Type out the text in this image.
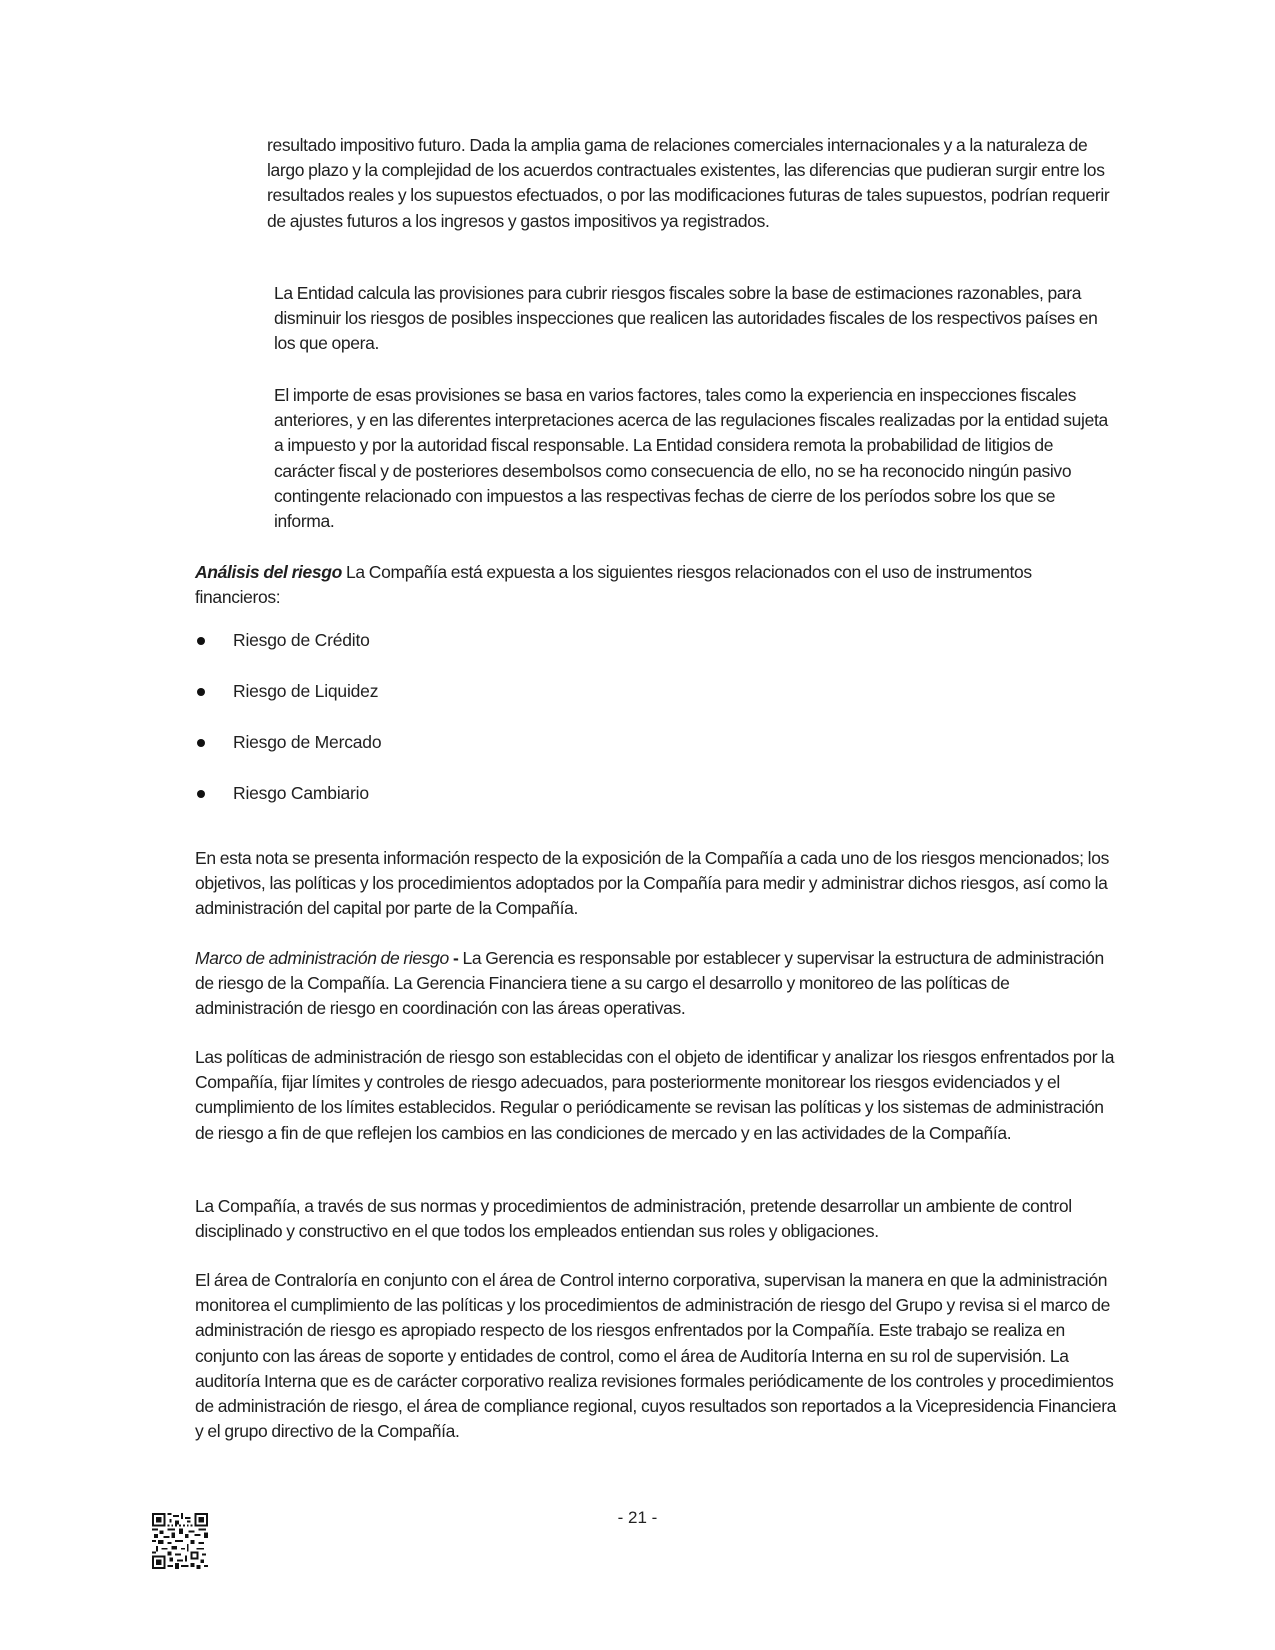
resultado impositivo futuro. Dada la amplia gama de relaciones comerciales internacionales y a la naturaleza de largo plazo y la complejidad de los acuerdos contractuales existentes, las diferencias que pudieran surgir entre los resultados reales y los supuestos efectuados, o por las modificaciones futuras de tales supuestos, podrían requerir de ajustes futuros a los ingresos y gastos impositivos ya registrados.

La Entidad calcula las provisiones para cubrir riesgos fiscales sobre la base de estimaciones razonables, para disminuir los riesgos de posibles inspecciones que realicen las autoridades fiscales de los respectivos países en los que opera.

El importe de esas provisiones se basa en varios factores, tales como la experiencia en inspecciones fiscales anteriores, y en las diferentes interpretaciones acerca de las regulaciones fiscales realizadas por la entidad sujeta a impuesto y por la autoridad fiscal responsable. La Entidad considera remota la probabilidad de litigios de carácter fiscal y de posteriores desembolsos como consecuencia de ello, no se ha reconocido ningún pasivo contingente relacionado con impuestos a las respectivas fechas de cierre de los períodos sobre los que se informa.

Análisis del riesgo La Compañía está expuesta a los siguientes riesgos relacionados con el uso de instrumentos financieros:

Riesgo de Crédito
Riesgo de Liquidez
Riesgo de Mercado
Riesgo Cambiario

En esta nota se presenta información respecto de la exposición de la Compañía a cada uno de los riesgos mencionados; los objetivos, las políticas y los procedimientos adoptados por la Compañía para medir y administrar dichos riesgos, así como la administración del capital por parte de la Compañía.

Marco de administración de riesgo - La Gerencia es responsable por establecer y supervisar la estructura de administración de riesgo de la Compañía. La Gerencia Financiera tiene a su cargo el desarrollo y monitoreo de las políticas de administración de riesgo en coordinación con las áreas operativas.

Las políticas de administración de riesgo son establecidas con el objeto de identificar y analizar los riesgos enfrentados por la Compañía, fijar límites y controles de riesgo adecuados, para posteriormente monitorear los riesgos evidenciados y el cumplimiento de los límites establecidos. Regular o periódicamente se revisan las políticas y los sistemas de administración de riesgo a fin de que reflejen los cambios en las condiciones de mercado y en las actividades de la Compañía.

La Compañía, a través de sus normas y procedimientos de administración, pretende desarrollar un ambiente de control disciplinado y constructivo en el que todos los empleados entiendan sus roles y obligaciones.

El área de Contraloría en conjunto con el área de Control interno corporativa, supervisan la manera en que la administración monitorea el cumplimiento de las políticas y los procedimientos de administración de riesgo del Grupo y revisa si el marco de administración de riesgo es apropiado respecto de los riesgos enfrentados por la Compañía. Este trabajo se realiza en conjunto con las áreas de soporte y entidades de control, como el área de Auditoría Interna en su rol de supervisión. La auditoría Interna que es de carácter corporativo realiza revisiones formales periódicamente de los controles y procedimientos de administración de riesgo, el área de compliance regional, cuyos resultados son reportados a la Vicepresidencia Financiera y el grupo directivo de la Compañía.

- 21 -
